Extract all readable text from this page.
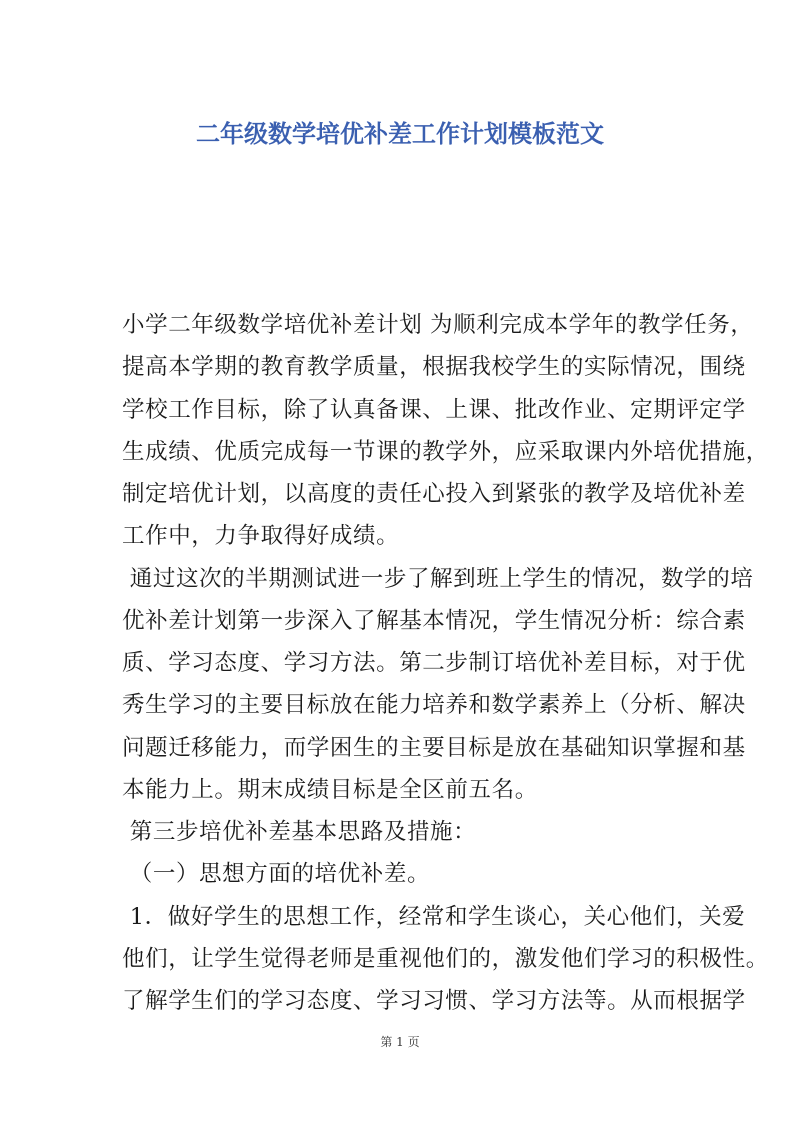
二年级数学培优补差工作计划模板范文
小学二年级数学培优补差计划 为顺利完成本学年的教学任务，
提高本学期的教育教学质量，根据我校学生的实际情况，围绕
学校工作目标，除了认真备课、上课、批改作业、定期评定学
生成绩、优质完成每一节课的教学外，应采取课内外培优措施，
制定培优计划，以高度的责任心投入到紧张的教学及培优补差
工作中，力争取得好成绩。
通过这次的半期测试进一步了解到班上学生的情况，数学的培
优补差计划第一步深入了解基本情况，学生情况分析：综合素
质、学习态度、学习方法。第二步制订培优补差目标，对于优
秀生学习的主要目标放在能力培养和数学素养上（分析、解决
问题迁移能力，而学困生的主要目标是放在基础知识掌握和基
本能力上。期末成绩目标是全区前五名。
第三步培优补差基本思路及措施：
（一）思想方面的培优补差。
1．做好学生的思想工作，经常和学生谈心，关心他们，关爱
他们，让学生觉得老师是重视他们的，激发他们学习的积极性。
了解学生们的学习态度、学习习惯、学习方法等。从而根据学
第 1 页
